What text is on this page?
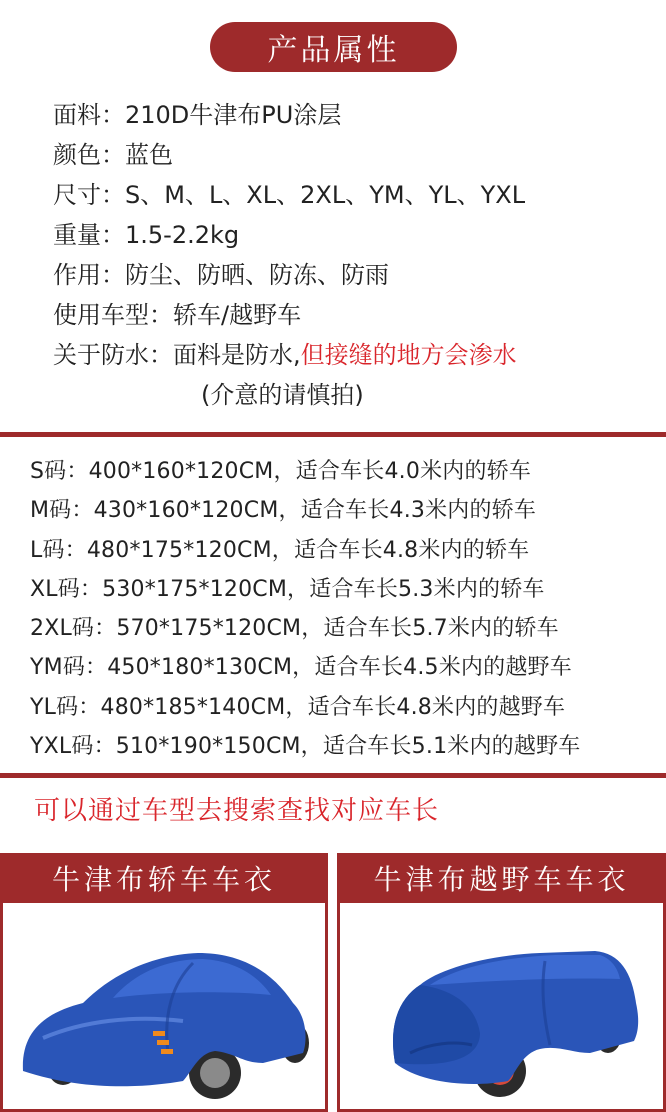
产品属性
面料：210D牛津布PU涂层
颜色：蓝色
尺寸：S、M、L、XL、2XL、YM、YL、YXL
重量：1.5-2.2kg
作用：防尘、防晒、防冻、防雨
使用车型：轿车/越野车
关于防水：面料是防水,但接缝的地方会渗水
(介意的请慎拍)
S码：400*160*120CM，适合车长4.0米内的轿车
M码：430*160*120CM，适合车长4.3米内的轿车
L码：480*175*120CM，适合车长4.8米内的轿车
XL码：530*175*120CM，适合车长5.3米内的轿车
2XL码：570*175*120CM，适合车长5.7米内的轿车
YM码：450*180*130CM，适合车长4.5米内的越野车
YL码：480*185*140CM，适合车长4.8米内的越野车
YXL码：510*190*150CM，适合车长5.1米内的越野车
可以通过车型去搜索查找对应车长
牛津布轿车车衣	牛津布越野车车衣
